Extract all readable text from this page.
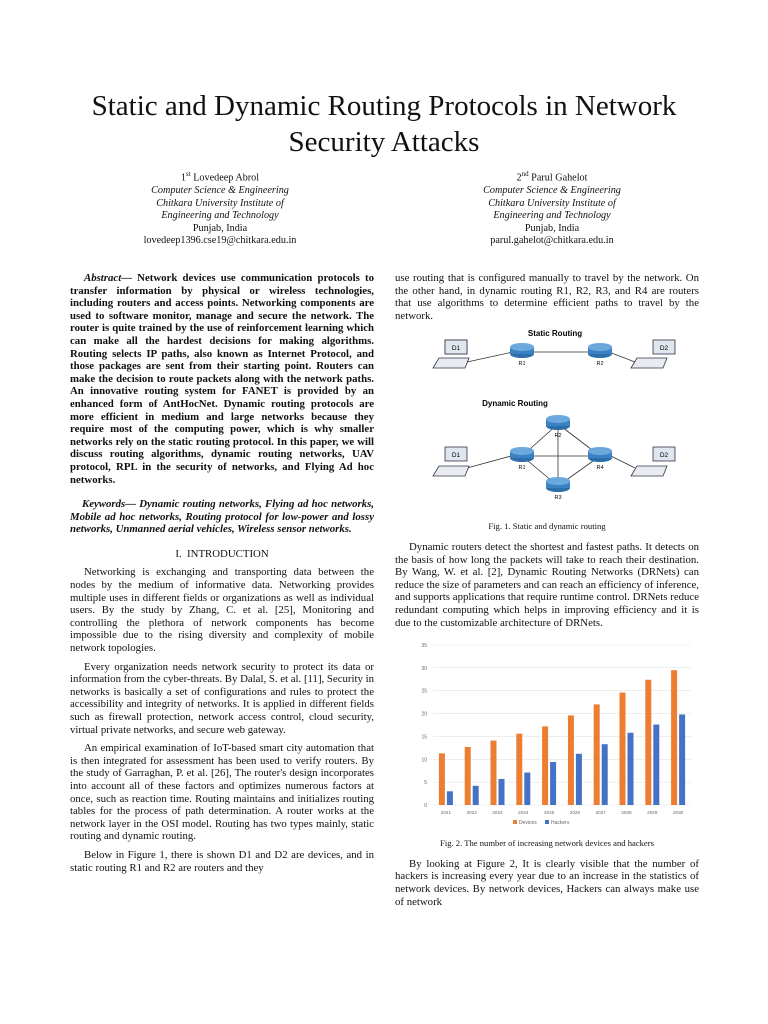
Static and Dynamic Routing Protocols in Network
Security Attacks
1st Lovedeep Abrol
Computer Science & Engineering
Chitkara University Institute of
Engineering and Technology
Punjab, India
lovedeep1396.cse19@chitkara.edu.in
2nd Parul Gahelot
Computer Science & Engineering
Chitkara University Institute of
Engineering and Technology
Punjab, India
parul.gahelot@chitkara.edu.in

Abstract— Network devices use communication protocols to transfer information by physical or wireless technologies, including routers and access points. Networking components are used to software monitor, manage and secure the network. The router is quite trained by the use of reinforcement learning which can make all the hardest decisions for making algorithms. Routing selects IP paths, also known as Internet Protocol, and those packages are sent from their starting point. Routers can make the decision to route packets along with the network paths. An innovative routing system for FANET is provided by an enhanced form of AntHocNet. Dynamic routing protocols are more efficient in medium and large networks because they require most of the computing power, which is why smaller networks rely on the static routing protocol. In this paper, we will discuss routing algorithms, dynamic routing networks, UAV protocol, RPL in the security of networks, and Flying Ad hoc networks.

Keywords— Dynamic routing networks, Flying ad hoc networks, Mobile ad hoc networks, Routing protocol for low-power and lossy networks, Unmanned aerial vehicles, Wireless sensor networks.

I. INTRODUCTION

Networking is exchanging and transporting data between the nodes by the medium of informative data. Networking provides multiple uses in different fields or organizations as well as individual users. By the study by Zhang, C. et al. [25], Monitoring and controlling the plethora of network components has become impossible due to the rising diversity and complexity of mobile network topologies.

Every organization needs network security to protect its data or information from the cyber-threats. By Dalal, S. et al. [11], Security in networks is basically a set of configurations and rules to protect the accessibility and integrity of networks. It is applied in different fields such as firewall protection, network access control, cloud security, virtual private networks, and secure web gateway.

An empirical examination of IoT-based smart city automation that is then integrated for assessment has been used to verify routers. By the study of Garraghan, P. et al. [26], The router's design incorporates into account all of these factors and optimizes numerous factors at once, such as reaction time. Routing maintains and initializes routing tables for the process of path determination. A router works at the network layer in the OSI model. Routing has two types mainly, static routing and dynamic routing.

Below in Figure 1, there is shown D1 and D2 are devices, and in static routing R1 and R2 are routers and they

use routing that is configured manually to travel by the network. On the other hand, in dynamic routing R1, R2, R3, and R4 are routers that use algorithms to determine efficient paths to travel by the network.

Static Routing
D1	D2
R1	R2
Dynamic Routing
D1	D2
R2
R1	R4
R3

Fig. 1. Static and dynamic routing

Dynamic routers detect the shortest and fastest paths. It detects on the basis of how long the packets will take to reach their destination. By Wang, W. et al. [2], Dynamic Routing Networks (DRNets) can reduce the size of parameters and can reach an efficiency of inference, and supports applications that require runtime control. DRNets reduce redundant computing which helps in improving efficiency and it is due to the customizable architecture of DRNets.

0
5
10
15
20
25
30
35
2021	2022	2023	2024	2025	2026	2027	2028	2029	2030
Devices	Hackers

Fig. 2. The number of increasing network devices and hackers

By looking at Figure 2, It is clearly visible that the number of hackers is increasing every year due to an increase in the statistics of network devices. By network devices, Hackers can always make use of network
